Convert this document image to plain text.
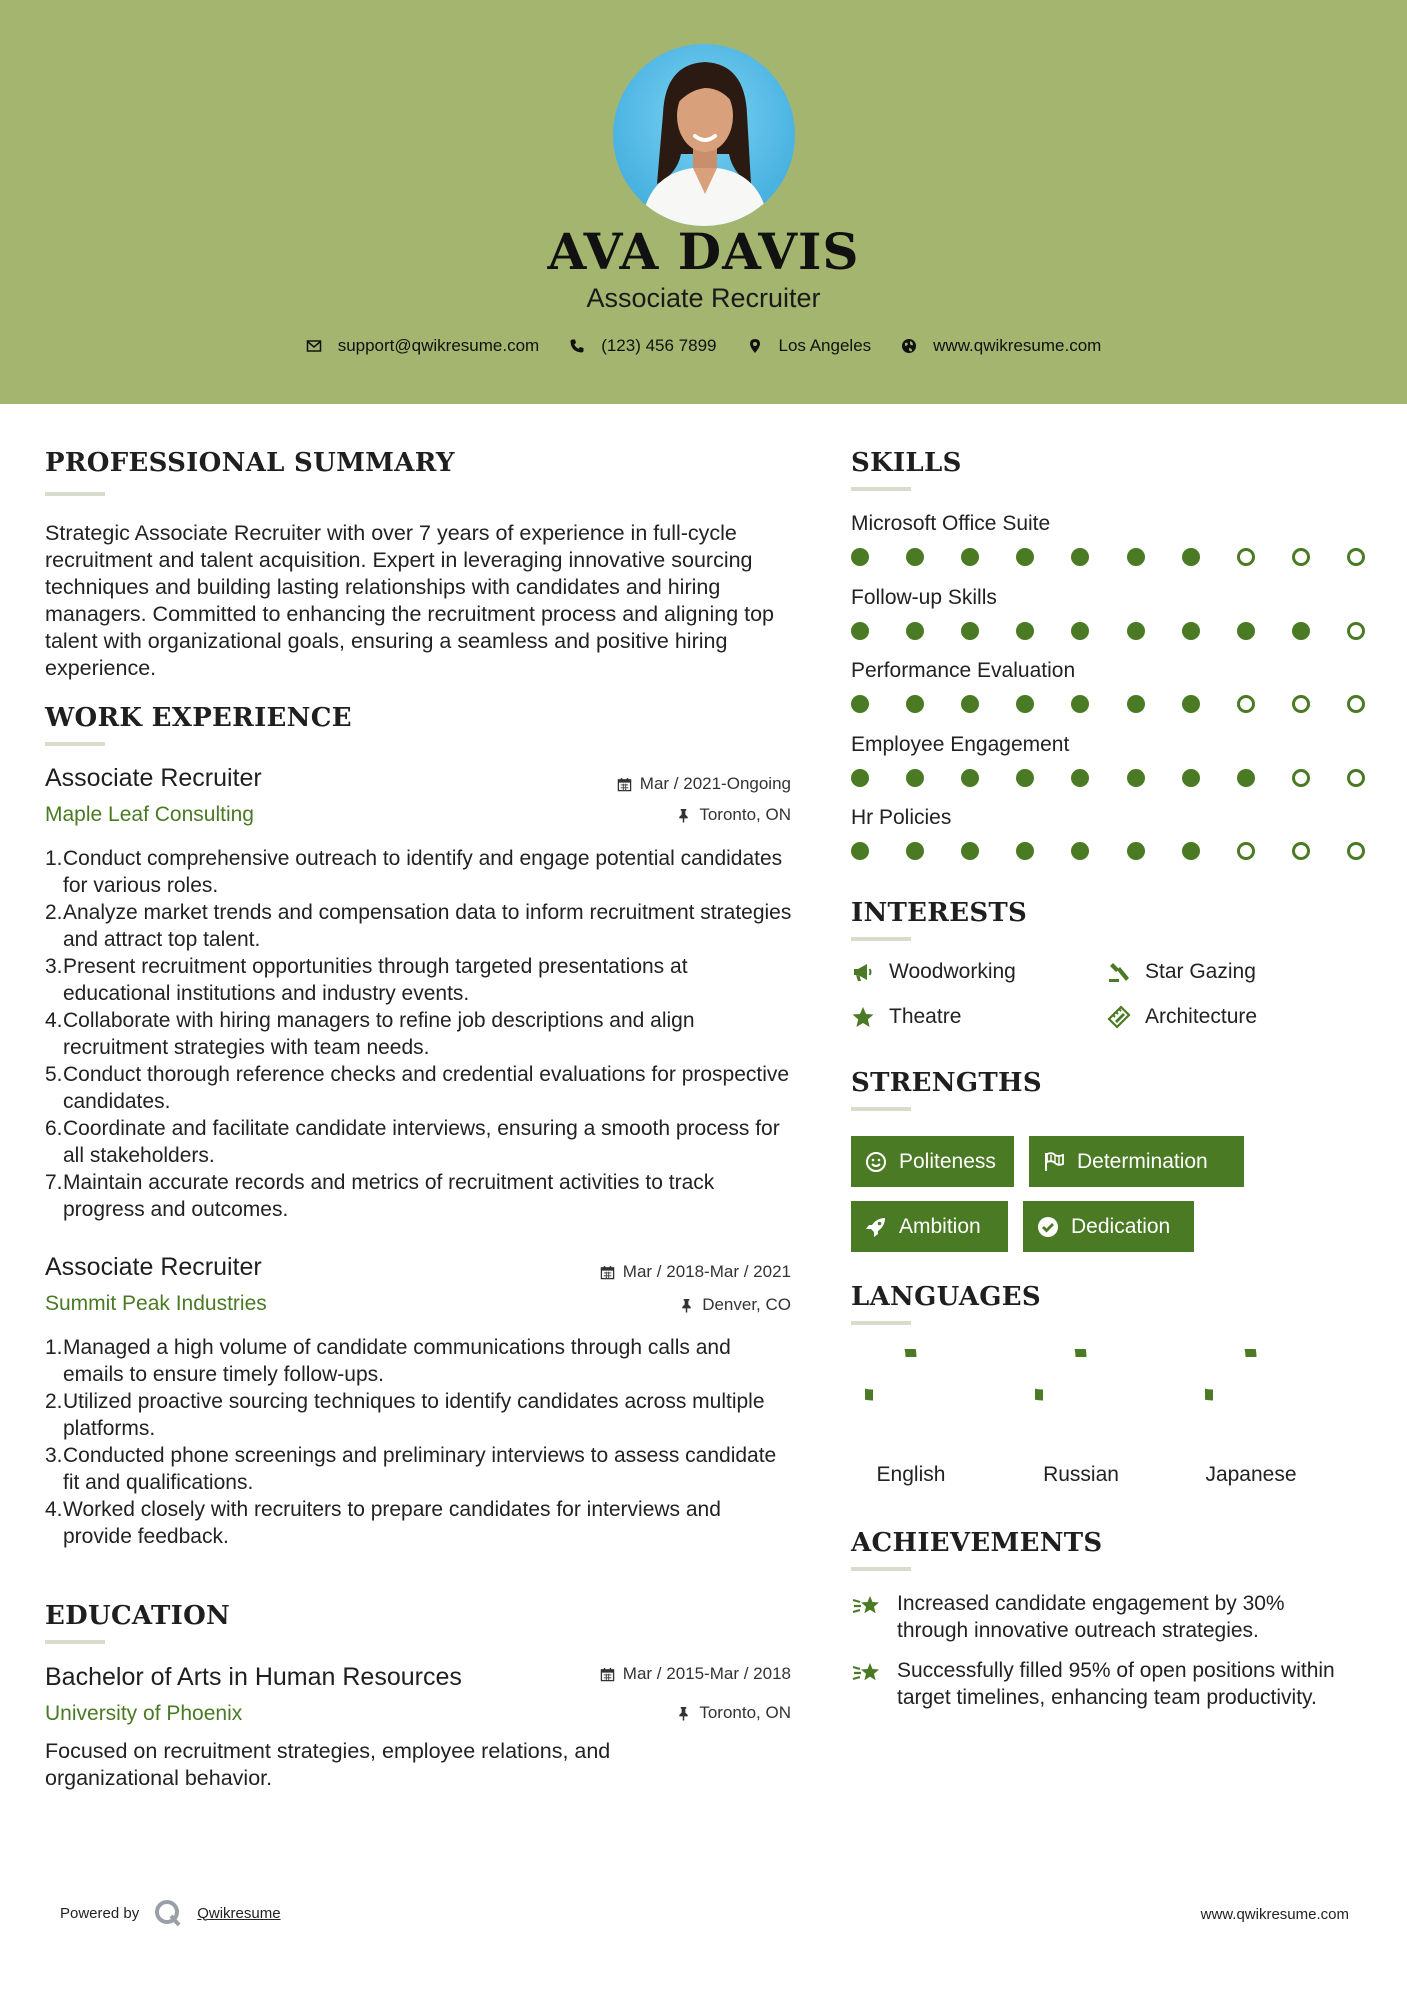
AVA DAVIS
Associate Recruiter
support@qwikresume.com	(123) 456 7899	Los Angeles	www.qwikresume.com
PROFESSIONAL SUMMARY
Strategic Associate Recruiter with over 7 years of experience in full-cycle recruitment and talent acquisition. Expert in leveraging innovative sourcing techniques and building lasting relationships with candidates and hiring managers. Committed to enhancing the recruitment process and aligning top talent with organizational goals, ensuring a seamless and positive hiring experience.
WORK EXPERIENCE
Associate Recruiter
Maple Leaf Consulting
Mar / 2021-Ongoing
Toronto, ON
1. Conduct comprehensive outreach to identify and engage potential candidates for various roles.
2. Analyze market trends and compensation data to inform recruitment strategies and attract top talent.
3. Present recruitment opportunities through targeted presentations at educational institutions and industry events.
4. Collaborate with hiring managers to refine job descriptions and align recruitment strategies with team needs.
5. Conduct thorough reference checks and credential evaluations for prospective candidates.
6. Coordinate and facilitate candidate interviews, ensuring a smooth process for all stakeholders.
7. Maintain accurate records and metrics of recruitment activities to track progress and outcomes.
Associate Recruiter
Summit Peak Industries
Mar / 2018-Mar / 2021
Denver, CO
1. Managed a high volume of candidate communications through calls and emails to ensure timely follow-ups.
2. Utilized proactive sourcing techniques to identify candidates across multiple platforms.
3. Conducted phone screenings and preliminary interviews to assess candidate fit and qualifications.
4. Worked closely with recruiters to prepare candidates for interviews and provide feedback.
EDUCATION
Bachelor of Arts in Human Resources
University of Phoenix
Mar / 2015-Mar / 2018
Toronto, ON
Focused on recruitment strategies, employee relations, and organizational behavior.
SKILLS
Microsoft Office Suite
Follow-up Skills
Performance Evaluation
Employee Engagement
Hr Policies
INTERESTS
Woodworking	Star Gazing
Theatre	Architecture
STRENGTHS
Politeness	Determination
Ambition	Dedication
LANGUAGES
English	Russian	Japanese
ACHIEVEMENTS
Increased candidate engagement by 30% through innovative outreach strategies.
Successfully filled 95% of open positions within target timelines, enhancing team productivity.
Powered by	Qwikresume	www.qwikresume.com
